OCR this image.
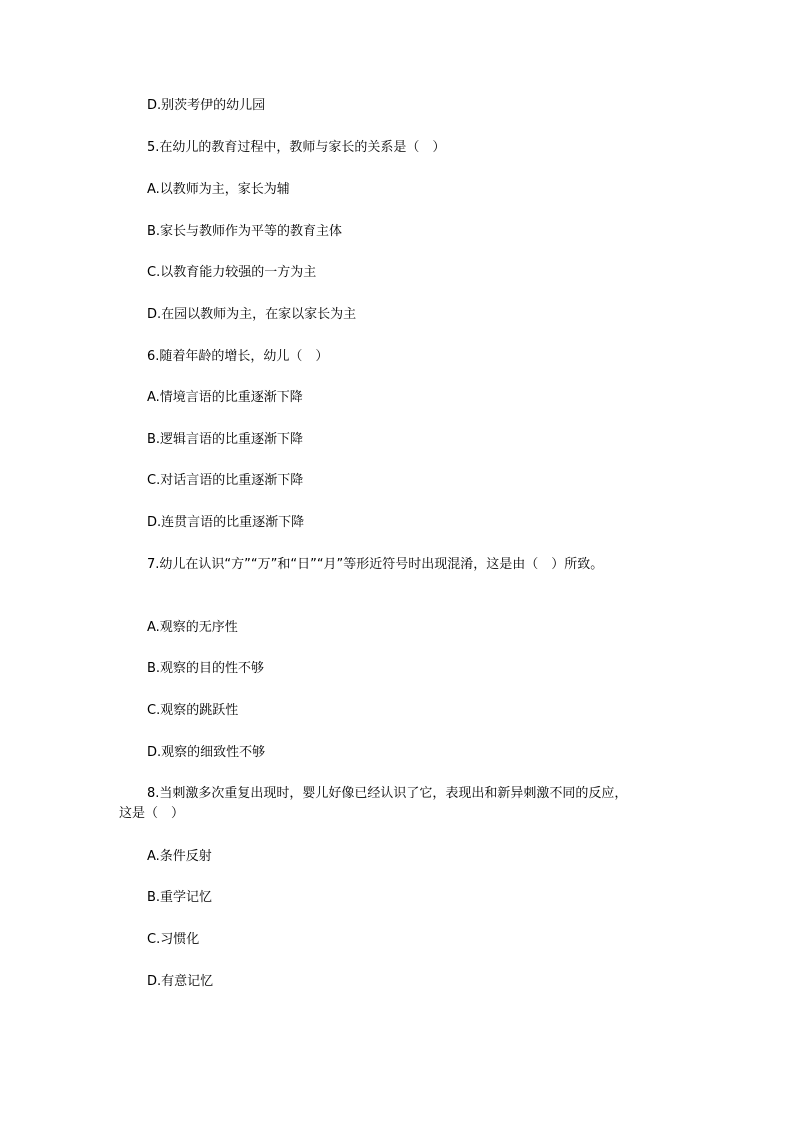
D.别茨考伊的幼儿园
5.在幼儿的教育过程中，教师与家长的关系是（　）
A.以教师为主，家长为辅
B.家长与教师作为平等的教育主体
C.以教育能力较强的一方为主
D.在园以教师为主，在家以家长为主
6.随着年龄的增长，幼儿（　）
A.情境言语的比重逐渐下降
B.逻辑言语的比重逐渐下降
C.对话言语的比重逐渐下降
D.连贯言语的比重逐渐下降
7.幼儿在认识“方”“万”和“日”“月”等形近符号时出现混淆，这是由（　）所致。
A.观察的无序性
B.观察的目的性不够
C.观察的跳跃性
D.观察的细致性不够
8.当刺激多次重复出现时，婴儿好像已经认识了它，表现出和新异刺激不同的反应，
这是（　）
A.条件反射
B.重学记忆
C.习惯化
D.有意记忆
